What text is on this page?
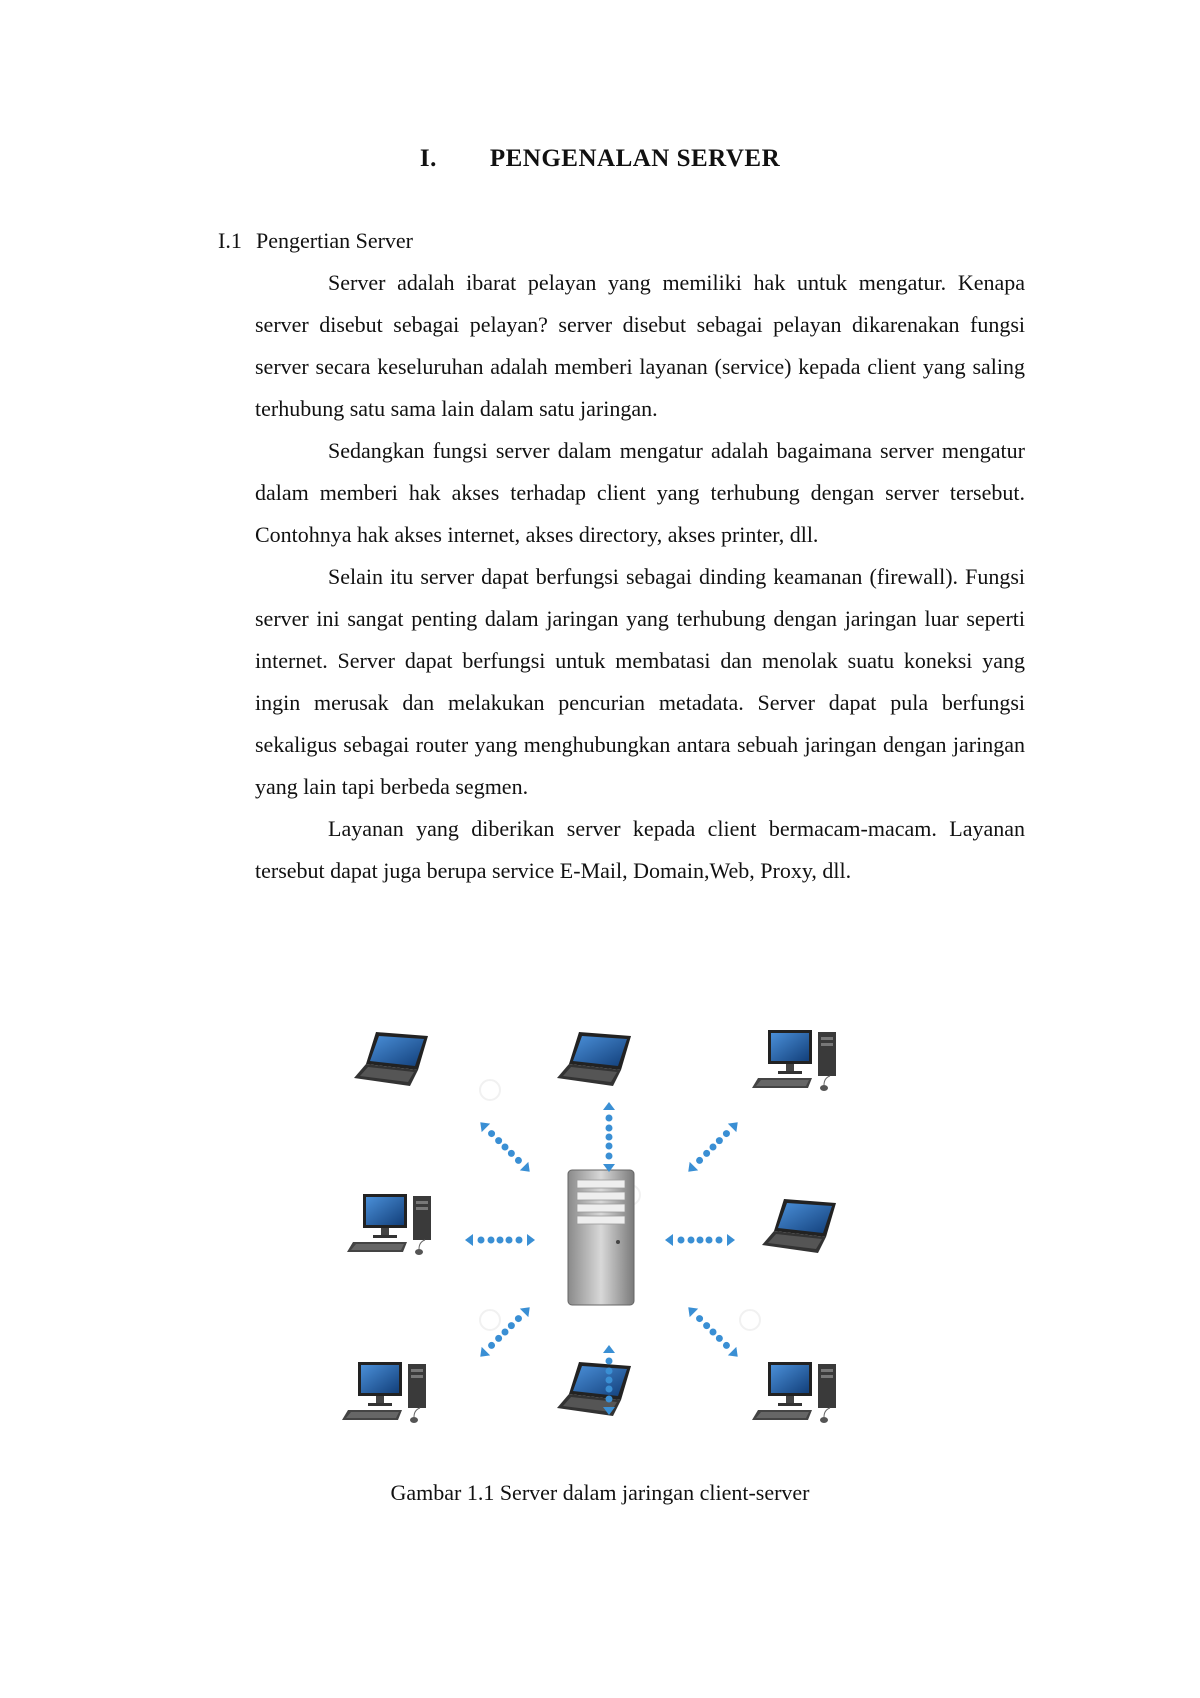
I. PENGENALAN SERVER
I.1 Pengertian Server

Server adalah ibarat pelayan yang memiliki hak untuk mengatur. Kenapa server disebut sebagai pelayan? server disebut sebagai pelayan dikarenakan fungsi server secara keseluruhan adalah memberi layanan (service) kepada client yang saling terhubung satu sama lain dalam satu jaringan.

Sedangkan fungsi server dalam mengatur adalah bagaimana server mengatur dalam memberi hak akses terhadap client yang terhubung dengan server tersebut. Contohnya hak akses internet, akses directory, akses printer, dll.

Selain itu server dapat berfungsi sebagai dinding keamanan (firewall). Fungsi server ini sangat penting dalam jaringan yang terhubung dengan jaringan luar seperti internet. Server dapat berfungsi untuk membatasi dan menolak suatu koneksi yang ingin merusak dan melakukan pencurian metadata. Server dapat pula berfungsi sekaligus sebagai router yang menghubungkan antara sebuah jaringan dengan jaringan yang lain tapi berbeda segmen.

Layanan yang diberikan server kepada client bermacam-macam. Layanan tersebut dapat juga berupa service E-Mail, Domain,Web, Proxy, dll.

Gambar 1.1 Server dalam jaringan client-server
